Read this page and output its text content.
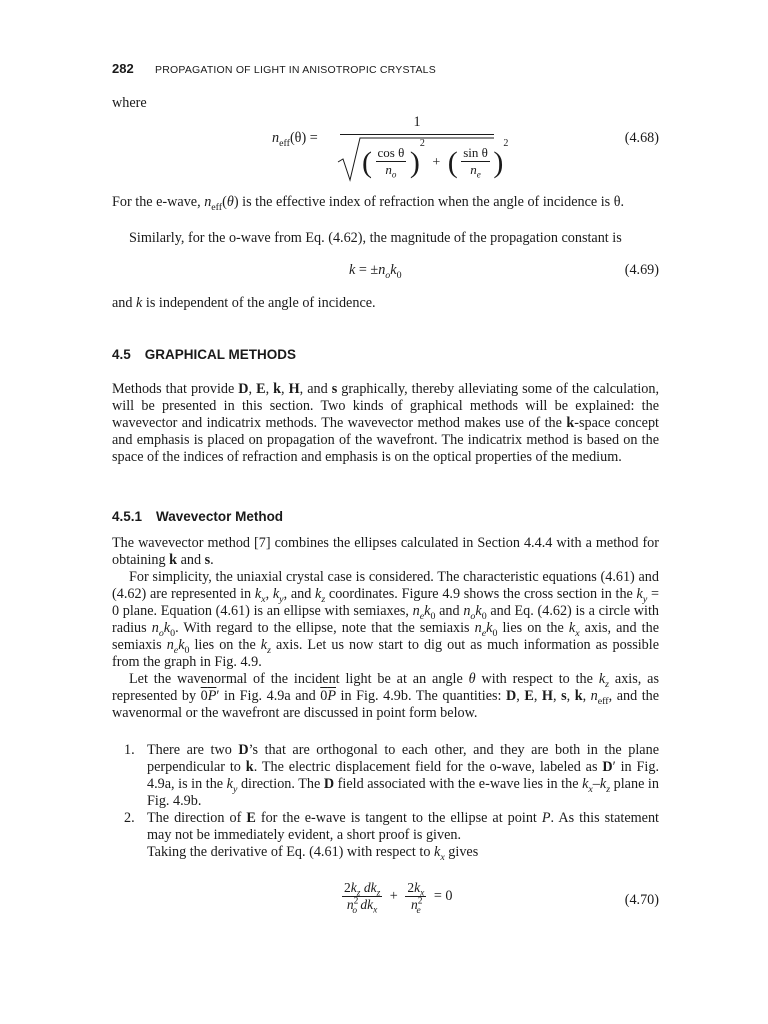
282 PROPAGATION OF LIGHT IN ANISOTROPIC CRYSTALS
where
$n_{eff}(\theta)$ =
1
( $\frac{\text{cos θ}}{n_o} )^2$ + ( $\frac{\text{sin θ}}{n_e} )^2$	(4.68)
For the e-wave, $n_{eff}(\theta)$ is the effective index of refraction when the angle of incidence is θ.
Similarly, for the o-wave from Eq. (4.62), the magnitude of the propagation constant is
$k = \pm n_ok_0$	(4.69)
and k is independent of the angle of incidence.
4.5 GRAPHICAL METHODS
Methods that provide D, E, k, H, and s graphically, thereby alleviating some of the calculation, will be presented in this section. Two kinds of graphical methods will be explained: the wavevector and indicatrix methods. The wavevector method makes use of the k-space concept and emphasis is placed on propagation of the wavefront. The indicatrix method is based on the space of the indices of refraction and emphasis is on the optical properties of the medium.
4.5.1 Wavevector Method
The wavevector method [7] combines the ellipses calculated in Section 4.4.4 with a method for obtaining k and s.
For simplicity, the uniaxial crystal case is considered. The characteristic equations (4.61) and (4.62) are represented in $k_x$, $k_y$, and $k_z$ coordinates. Figure 4.9 shows the cross section in the $k_y = 0$ plane. Equation (4.61) is an ellipse with semiaxes, $n_ek_0$ and $n_ok_0$ and Eq. (4.62) is a circle with radius $n_ok_0$. With regard to the ellipse, note that the semiaxis $n_ek_0$ lies on the $k_x$ axis, and the semiaxis $n_ek_0$ lies on the $k_z$ axis. Let us now start to dig out as much information as possible from the graph in Fig. 4.9.
Let the wavenormal of the incident light be at an angle θ with respect to the $k_z$ axis, as represented by 0P′ in Fig. 4.9a and 0P in Fig. 4.9b. The quantities: D, E, H, s, k, $n_{eff}$, and the wavenormal or the wavefront are discussed in point form below.
1. There are two D’s that are orthogonal to each other, and they are both in the plane perpendicular to k. The electric displacement field for the o-wave, labeled as D′ in Fig. 4.9a, is in the $k_y$ direction. The D field associated with the e-wave lies in the $k_x-k_z$ plane in Fig. 4.9b.
2. The direction of E for the e-wave is tangent to the ellipse at point P. As this statement may not be immediately evident, a short proof is given.
Taking the derivative of Eq. (4.61) with respect to $k_x$ gives
$\frac{2k_z dk_z}{n^2_o dk_x} + \frac{2k_x}{n^2_e} = 0$	(4.70)
